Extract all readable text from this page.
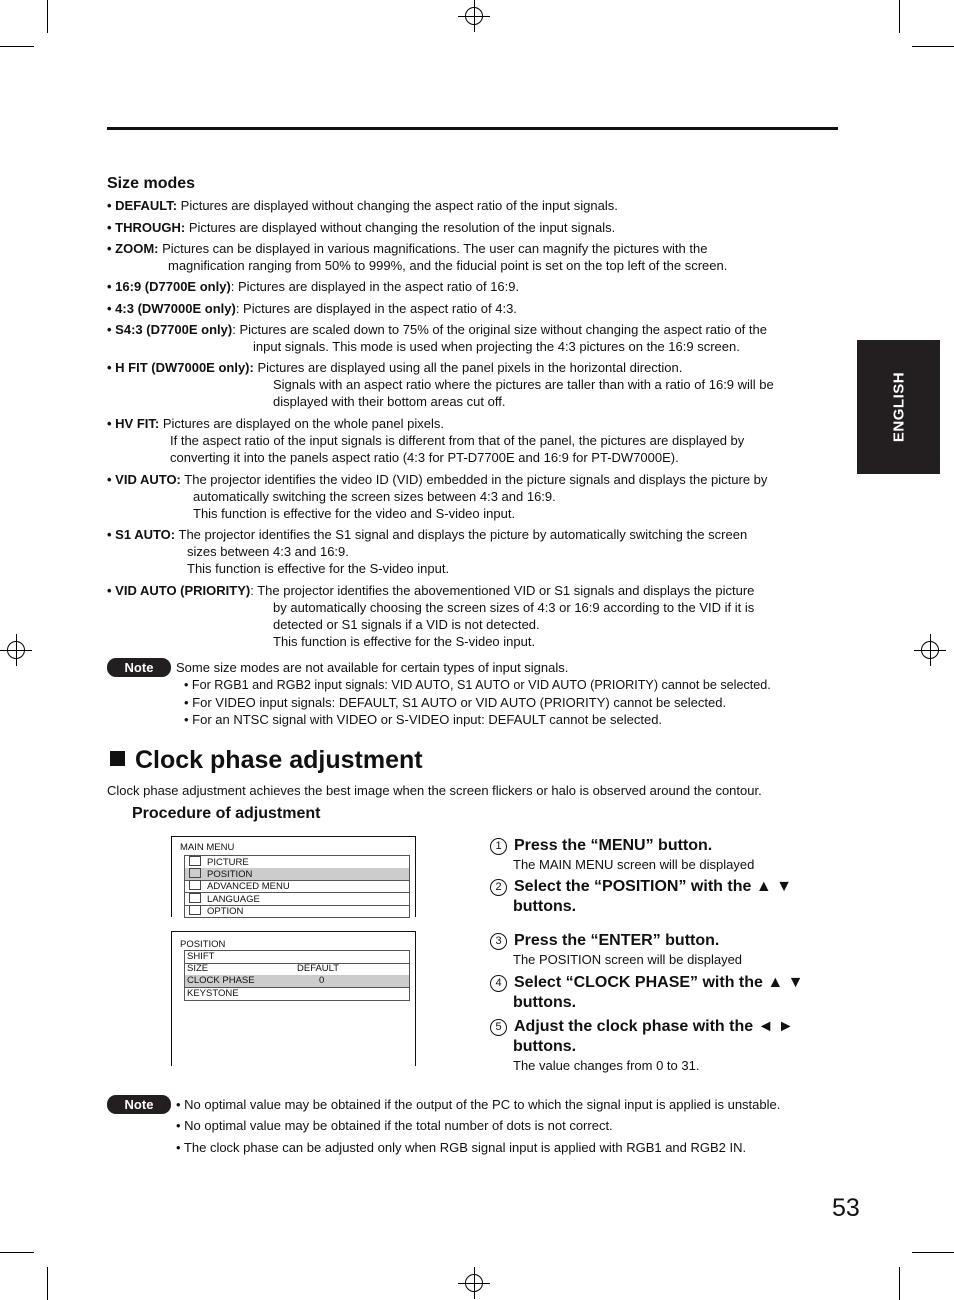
ENGLISH
Size modes
• DEFAULT: Pictures are displayed without changing the aspect ratio of the input signals.
• THROUGH: Pictures are displayed without changing the resolution of the input signals.
• ZOOM: Pictures can be displayed in various magnifications. The user can magnify the pictures with the
magnification ranging from 50% to 999%, and the fiducial point is set on the top left of the screen.
• 16:9 (D7700E only): Pictures are displayed in the aspect ratio of 16:9.
• 4:3 (DW7000E only): Pictures are displayed in the aspect ratio of 4:3.
• S4:3 (D7700E only): Pictures are scaled down to 75% of the original size without changing the aspect ratio of the
input signals. This mode is used when projecting the 4:3 pictures on the 16:9 screen.
• H FIT (DW7000E only): Pictures are displayed using all the panel pixels in the horizontal direction.
Signals with an aspect ratio where the pictures are taller than with a ratio of 16:9 will be
displayed with their bottom areas cut off.
• HV FIT: Pictures are displayed on the whole panel pixels.
If the aspect ratio of the input signals is different from that of the panel, the pictures are displayed by
converting it into the panels aspect ratio (4:3 for PT-D7700E and 16:9 for PT-DW7000E).
• VID AUTO: The projector identifies the video ID (VID) embedded in the picture signals and displays the picture by
automatically switching the screen sizes between 4:3 and 16:9.
This function is effective for the video and S-video input.
• S1 AUTO: The projector identifies the S1 signal and displays the picture by automatically switching the screen
sizes between 4:3 and 16:9.
This function is effective for the S-video input.
• VID AUTO (PRIORITY): The projector identifies the abovementioned VID or S1 signals and displays the picture
by automatically choosing the screen sizes of 4:3 or 16:9 according to the VID if it is
detected or S1 signals if a VID is not detected.
This function is effective for the S-video input.
Note	Some size modes are not available for certain types of input signals.
• For RGB1 and RGB2 input signals: VID AUTO, S1 AUTO or VID AUTO (PRIORITY) cannot be selected.
• For VIDEO input signals: DEFAULT, S1 AUTO or VID AUTO (PRIORITY) cannot be selected.
• For an NTSC signal with VIDEO or S-VIDEO input: DEFAULT cannot be selected.
Clock phase adjustment
Clock phase adjustment achieves the best image when the screen flickers or halo is observed around the contour.
Procedure of adjustment
MAIN MENU
PICTURE
POSITION
ADVANCED MENU
LANGUAGE
OPTION
POSITION
SHIFT
SIZE	DEFAULT
CLOCK PHASE	0
KEYSTONE
1 Press the “MENU” button.
The MAIN MENU screen will be displayed
2 Select the “POSITION” with the ▲ ▼
buttons.
3 Press the “ENTER” button.
The POSITION screen will be displayed
4 Select “CLOCK PHASE” with the ▲ ▼
buttons.
5 Adjust the clock phase with the ◄ ►
buttons.
The value changes from 0 to 31.
Note	• No optimal value may be obtained if the output of the PC to which the signal input is applied is unstable.
• No optimal value may be obtained if the total number of dots is not correct.
• The clock phase can be adjusted only when RGB signal input is applied with RGB1 and RGB2 IN.
53
